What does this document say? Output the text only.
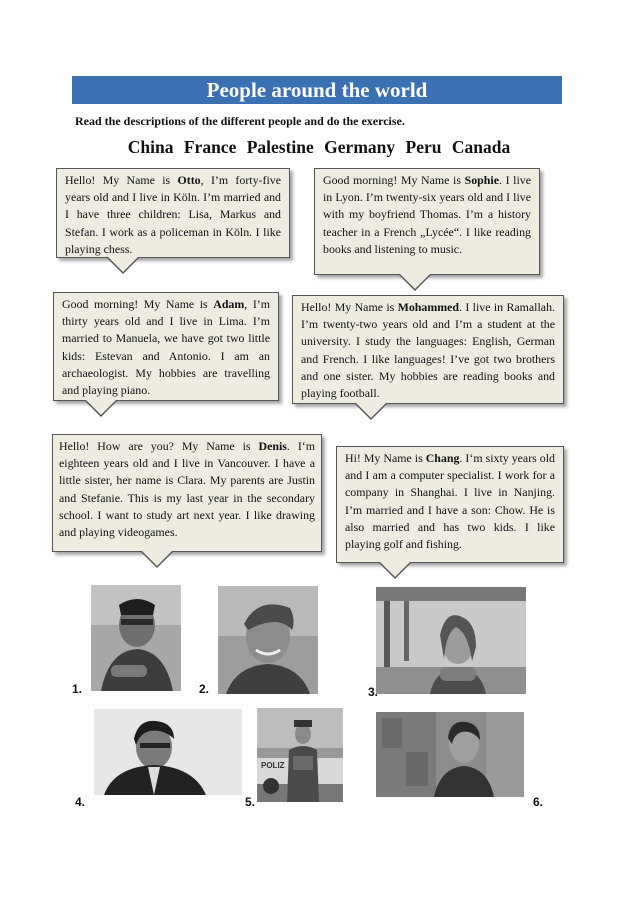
People around the world
Read the descriptions of the different people and do the exercise.
China France Palestine Germany Peru Canada
Hello! My Name is Otto, I’m forty-five years old and I live in Köln. I’m married and I have three children: Lisa, Markus and Stefan. I work as a policeman in Köln. I like playing chess.
Good morning! My Name is Sophie. I live in Lyon. I’m twenty-six years old and I live with my boyfriend Thomas. I’m a history teacher in a French „Lycée“. I like reading books and listening to music.
Good morning! My Name is Adam, I’m thirty years old and I live in Lima. I’m married to Manuela, we have got two little kids: Estevan and Antonio. I am an archaeologist. My hobbies are travelling and playing piano.
Hello! My Name is Mohammed. I live in Ramallah. I’m twenty-two years old and I’m a student at the university. I study the languages: English, German and French. I like languages! I’ve got two brothers and one sister. My hobbies are reading books and playing football.
Hello! How are you? My Name is Denis. I‘m eighteen years old and I live in Vancouver. I have a little sister, her name is Clara. My parents are Justin and Stefanie. This is my last year in the secondary school. I want to study art next year. I like drawing and playing videogames.
Hi! My Name is Chang. I‘m sixty years old and I am a computer specialist. I work for a company in Shanghai. I live in Nanjing. I’m married and I have a son: Chow. He is also married and has two kids. I like playing golf and fishing.
1.	2.	3.
4.
POLIZ
5.	6.
